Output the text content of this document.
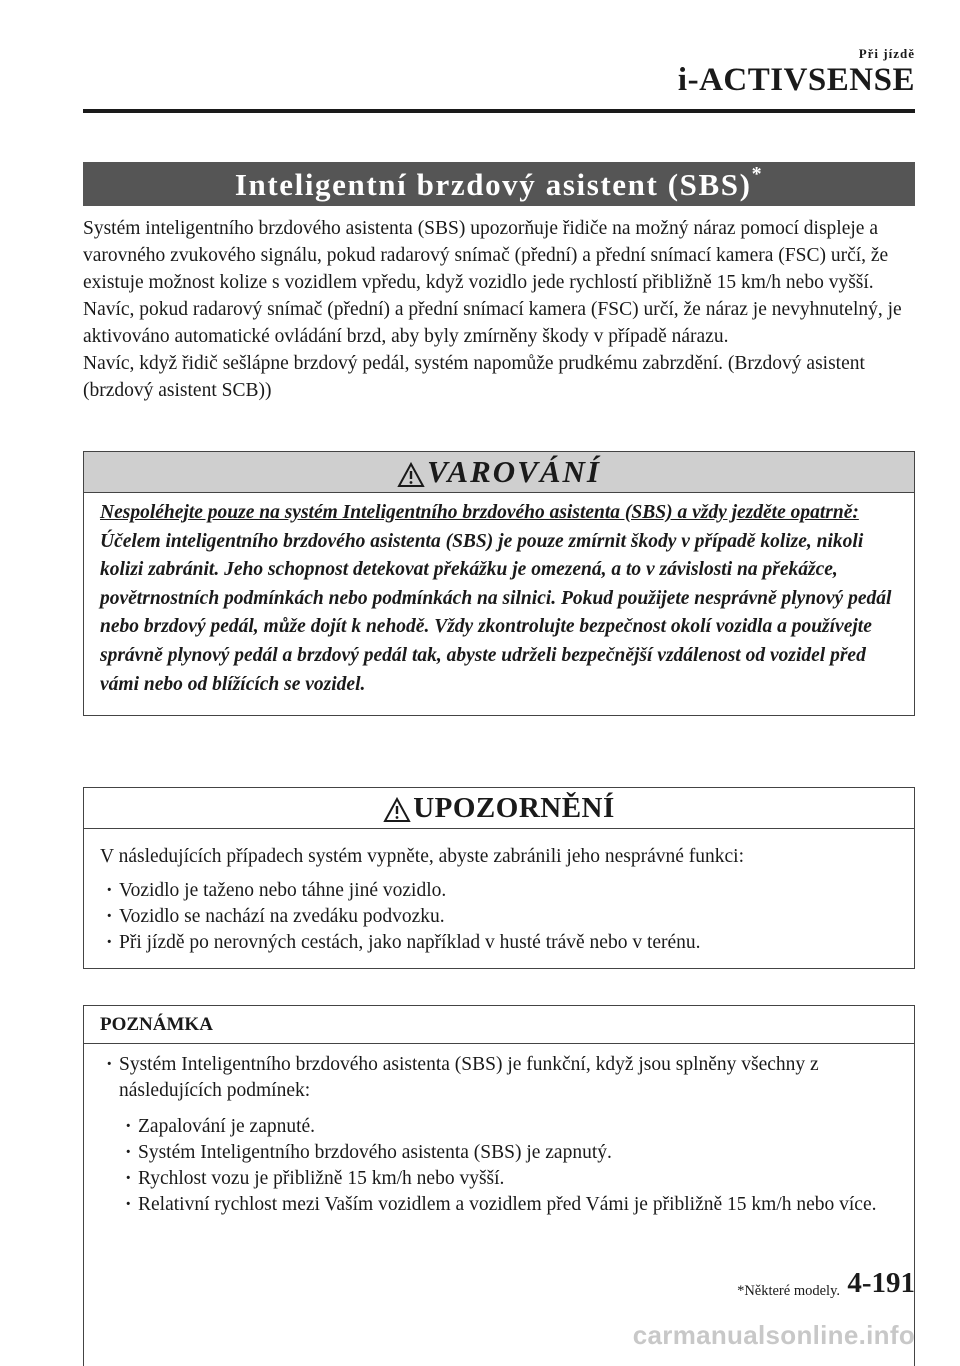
Při jízdě
i-ACTIVSENSE
Inteligentní brzdový asistent (SBS)*

Systém inteligentního brzdového asistenta (SBS) upozorňuje řidiče na možný náraz pomocí displeje a varovného zvukového signálu, pokud radarový snímač (přední) a přední snímací kamera (FSC) určí, že existuje možnost kolize s vozidlem vpředu, když vozidlo jede rychlostí přibližně 15 km/h nebo vyšší. Navíc, pokud radarový snímač (přední) a přední snímací kamera (FSC) určí, že náraz je nevyhnutelný, je aktivováno automatické ovládání brzd, aby byly zmírněny škody v případě nárazu.

Navíc, když řidič sešlápne brzdový pedál, systém napomůže prudkému zabrzdění. (Brzdový asistent (brzdový asistent SCB))

VAROVÁNÍ

Nespoléhejte pouze na systém Inteligentního brzdového asistenta (SBS) a vždy jezděte opatrně:

Účelem inteligentního brzdového asistenta (SBS) je pouze zmírnit škody v případě kolize, nikoli kolizi zabránit. Jeho schopnost detekovat překážku je omezená, a to v závislosti na překážce, povětrnostních podmínkách nebo podmínkách na silnici. Pokud použijete nesprávně plynový pedál nebo brzdový pedál, může dojít k nehodě. Vždy zkontrolujte bezpečnost okolí vozidla a používejte správně plynový pedál a brzdový pedál tak, abyste udrželi bezpečnější vzdálenost od vozidel před vámi nebo od blížících se vozidel.

UPOZORNĚNÍ

V následujících případech systém vypněte, abyste zabránili jeho nesprávné funkci:

· Vozidlo je taženo nebo táhne jiné vozidlo.
· Vozidlo se nachází na zvedáku podvozku.
· Při jízdě po nerovných cestách, jako například v husté trávě nebo v terénu.
POZNÁMKA
· Systém Inteligentního brzdového asistenta (SBS) je funkční, když jsou splněny všechny z následujících podmínek:
· Zapalování je zapnuté.
· Systém Inteligentního brzdového asistenta (SBS) je zapnutý.
· Rychlost vozu je přibližně 15 km/h nebo vyšší.
· Relativní rychlost mezi Vaším vozidlem a vozidlem před Vámi je přibližně 15 km/h nebo více.
*Některé modely. 4-191
carmanualsonline.info
